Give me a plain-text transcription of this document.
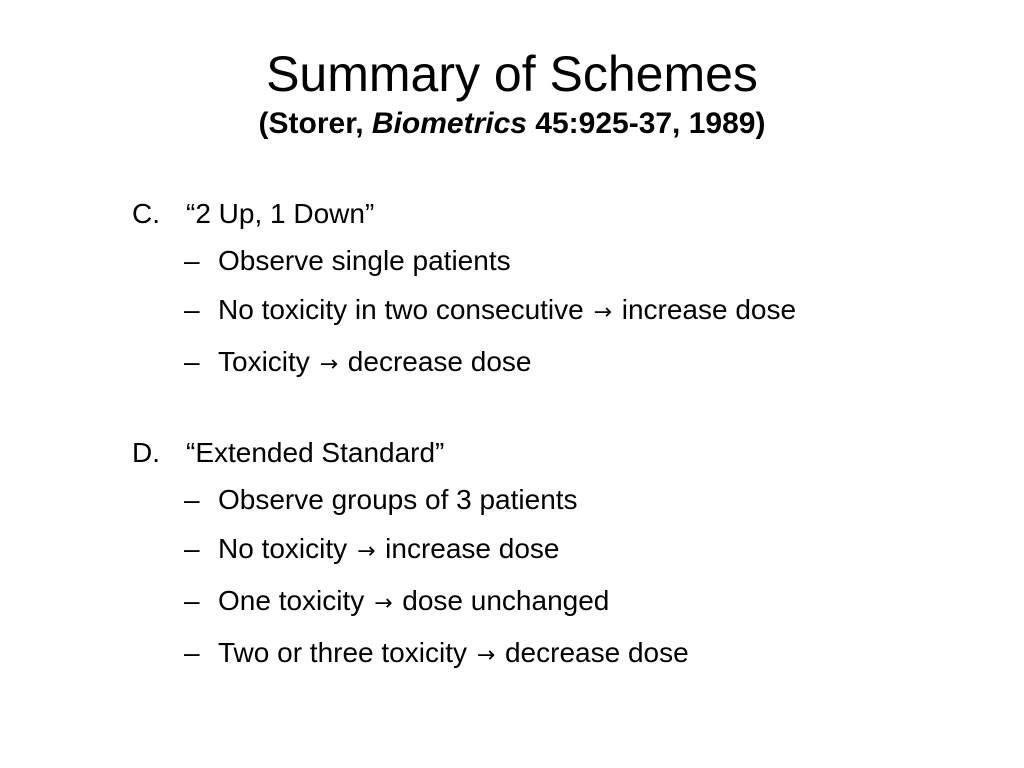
Summary of Schemes
(Storer, Biometrics 45:925-37, 1989)
C. “2 Up, 1 Down”
– Observe single patients
– No toxicity in two consecutive → increase dose
– Toxicity → decrease dose
D. “Extended Standard”
– Observe groups of 3 patients
– No toxicity → increase dose
– One toxicity → dose unchanged
– Two or three toxicity → decrease dose
